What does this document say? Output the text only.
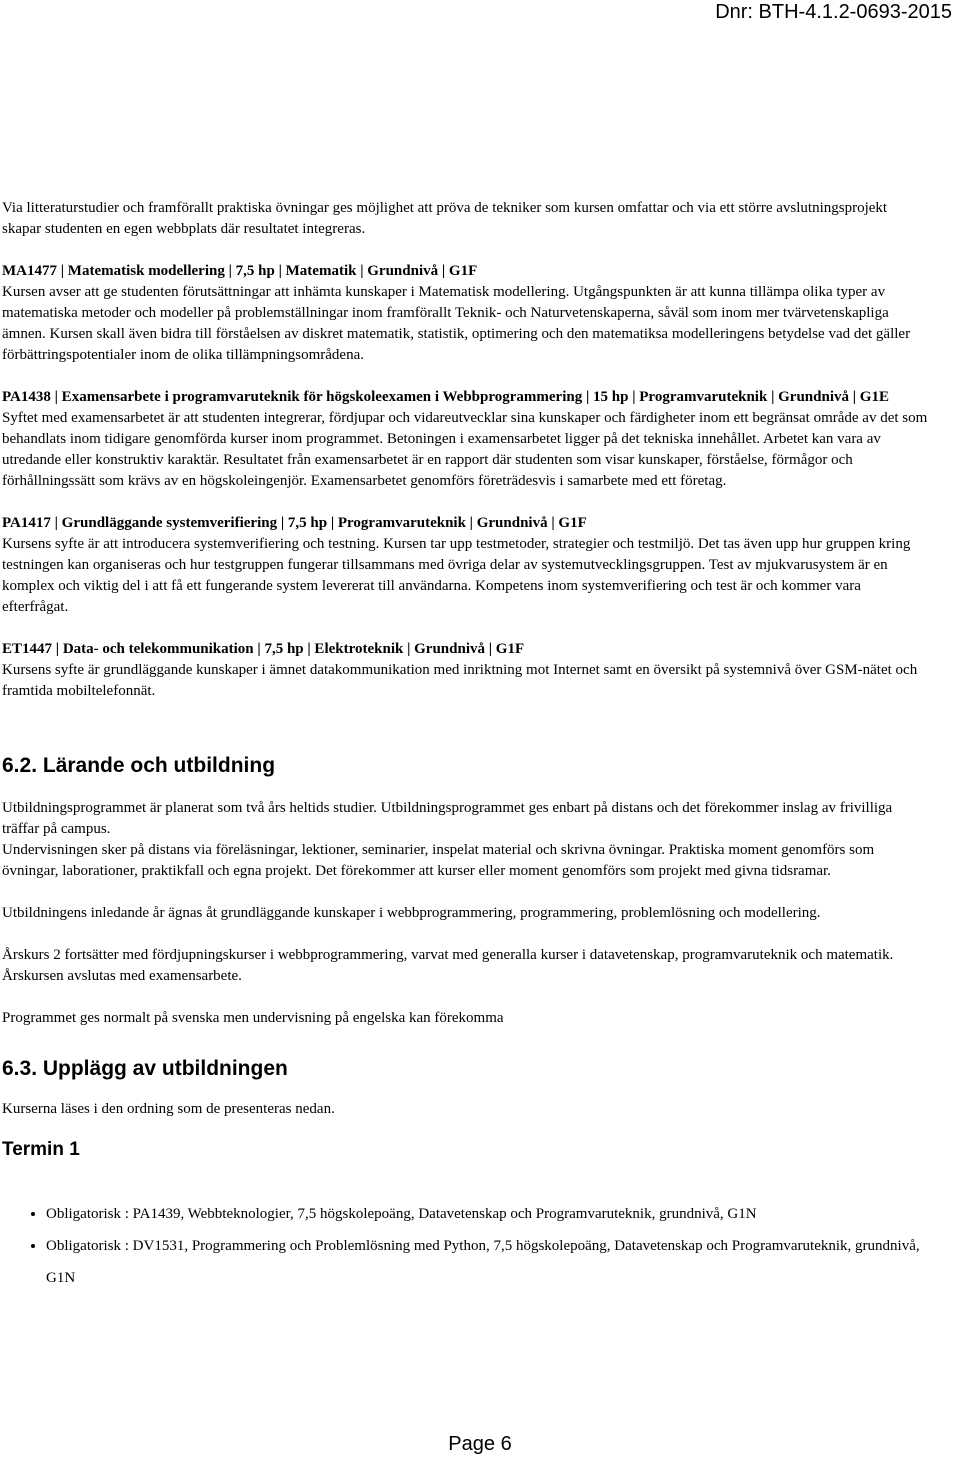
Dnr: BTH-4.1.2-0693-2015

Via litteraturstudier och framförallt praktiska övningar ges möjlighet att pröva de tekniker som kursen omfattar och via ett större avslutningsprojekt skapar studenten en egen webbplats där resultatet integreras.

MA1477 | Matematisk modellering | 7,5 hp | Matematik | Grundnivå | G1F

Kursen avser att ge studenten förutsättningar att inhämta kunskaper i Matematisk modellering. Utgångspunkten är att kunna tillämpa olika typer av matematiska metoder och modeller på problemställningar inom framförallt Teknik- och Naturvetenskaperna, såväl som inom mer tvärvetenskapliga ämnen. Kursen skall även bidra till förståelsen av diskret matematik, statistik, optimering och den matematiksa modelleringens betydelse vad det gäller förbättringspotentialer inom de olika tillämpningsområdena.

PA1438 | Examensarbete i programvaruteknik för högskoleexamen i Webbprogrammering | 15 hp | Programvaruteknik | Grundnivå | G1E

Syftet med examensarbetet är att studenten integrerar, fördjupar och vidareutvecklar sina kunskaper och färdigheter inom ett begränsat område av det som behandlats inom tidigare genomförda kurser inom programmet. Betoningen i examensarbetet ligger på det tekniska innehållet. Arbetet kan vara av utredande eller konstruktiv karaktär. Resultatet från examensarbetet är en rapport där studenten som visar kunskaper, förståelse, förmågor och förhållningssätt som krävs av en högskoleingenjör. Examensarbetet genomförs företrädesvis i samarbete med ett företag.

PA1417 | Grundläggande systemverifiering | 7,5 hp | Programvaruteknik | Grundnivå | G1F

Kursens syfte är att introducera systemverifiering och testning. Kursen tar upp testmetoder, strategier och testmiljö. Det tas även upp hur gruppen kring testningen kan organiseras och hur testgruppen fungerar tillsammans med övriga delar av systemutvecklingsgruppen. Test av mjukvarusystem är en komplex och viktig del i att få ett fungerande system levererat till användarna. Kompetens inom systemverifiering och test är och kommer vara efterfrågat.

ET1447 | Data- och telekommunikation | 7,5 hp | Elektroteknik | Grundnivå | G1F

Kursens syfte är grundläggande kunskaper i ämnet datakommunikation med inriktning mot Internet samt en översikt på systemnivå över GSM-nätet och framtida mobiltelefonnät.

6.2. Lärande och utbildning

Utbildningsprogrammet är planerat som två års heltids studier. Utbildningsprogrammet ges enbart på distans och det förekommer inslag av frivilliga träffar på campus.

Undervisningen sker på distans via föreläsningar, lektioner, seminarier, inspelat material och skrivna övningar. Praktiska moment genomförs som övningar, laborationer, praktikfall och egna projekt. Det förekommer att kurser eller moment genomförs som projekt med givna tidsramar.

Utbildningens inledande år ägnas åt grundläggande kunskaper i webbprogrammering, programmering, problemlösning och modellering.

Årskurs 2 fortsätter med fördjupningskurser i webbprogrammering, varvat med generalla kurser i datavetenskap, programvaruteknik och matematik. Årskursen avslutas med examensarbete.

Programmet ges normalt på svenska men undervisning på engelska kan förekomma

6.3. Upplägg av utbildningen

Kurserna läses i den ordning som de presenteras nedan.

Termin 1
• Obligatorisk : PA1439, Webbteknologier, 7,5 högskolepoäng, Datavetenskap och Programvaruteknik, grundnivå, G1N
• Obligatorisk : DV1531, Programmering och Problemlösning med Python, 7,5 högskolepoäng, Datavetenskap och Programvaruteknik, grundnivå, G1N
Page 6
